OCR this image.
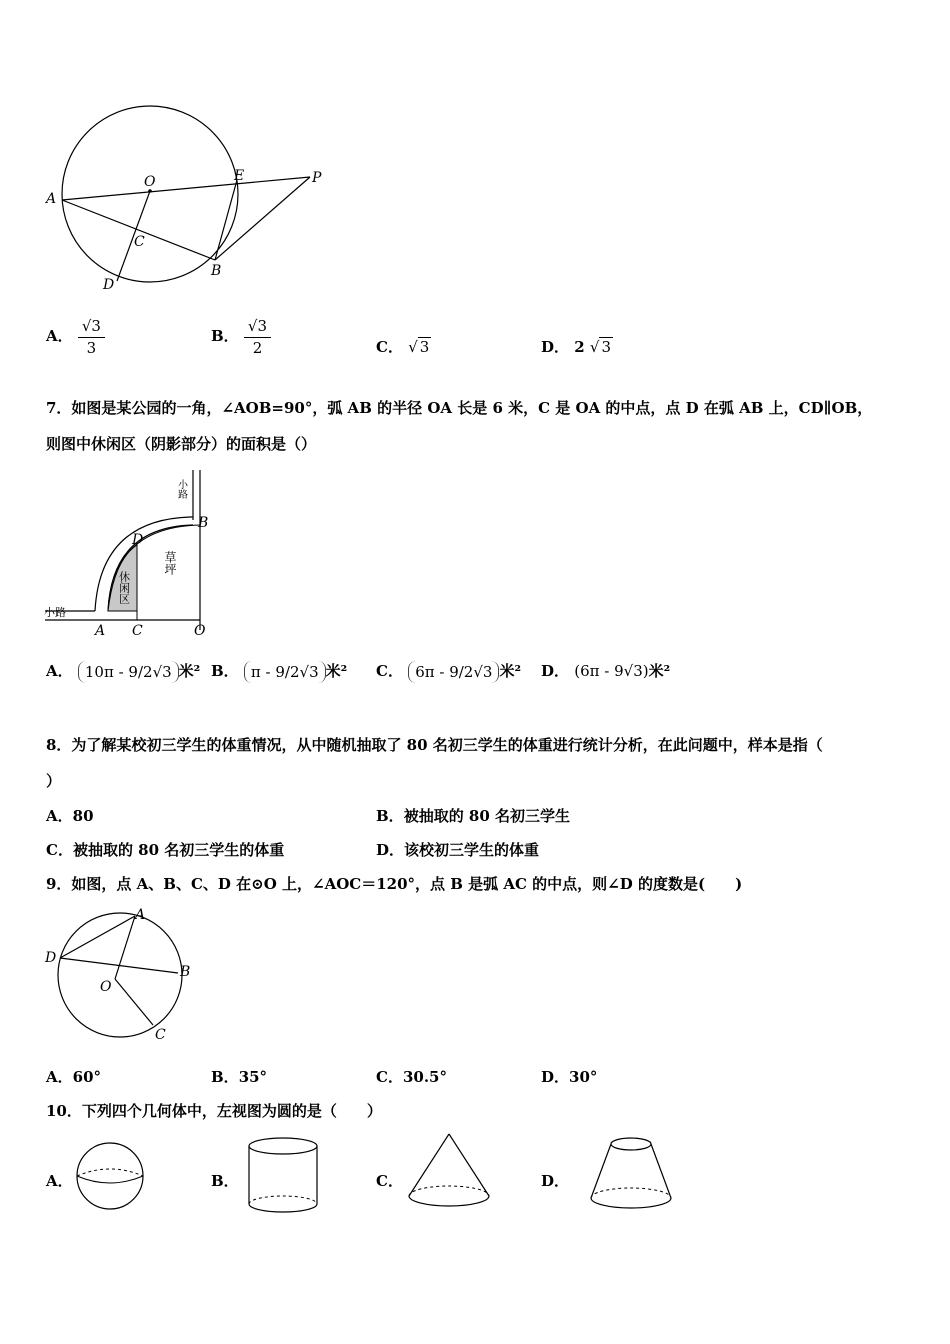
A
O	E	P
C
B
D
A． $\frac{√3}{3}$	B． $\frac{√3}{2}$	C． √ 3	D． 2 √ 3
7．如图是某公园的一角，∠AOB=90°，弧 AB 的半径 OA 长是 6 米，C 是 OA 的中点，点 D 在弧 AB 上，CD∥OB，
则图中休闲区（阴影部分）的面积是（）
小路
小路
休闲区
草坪
A C	O
D
B
A． 10π - 9/2√3 米² B． π - 9/2√3 米² C． 6π - 9/2√3 米² D． (6π - 9√3)米²
8．为了解某校初三学生的体重情况，从中随机抽取了 80 名初三学生的体重进行统计分析，在此问题中，样本是指（
）
A．80	B．被抽取的 80 名初三学生
C．被抽取的 80 名初三学生的体重	D．该校初三学生的体重
9．如图，点 A、B、C、D 在⊙O 上，∠AOC＝120°，点 B 是弧 AC 的中点，则∠D 的度数是(　　)
A
D
B
O
C
A．60°	B．35°	C．30.5°	D．30°
10．下列四个几何体中，左视图为圆的是（　　）
A．	B．	C．	D．
